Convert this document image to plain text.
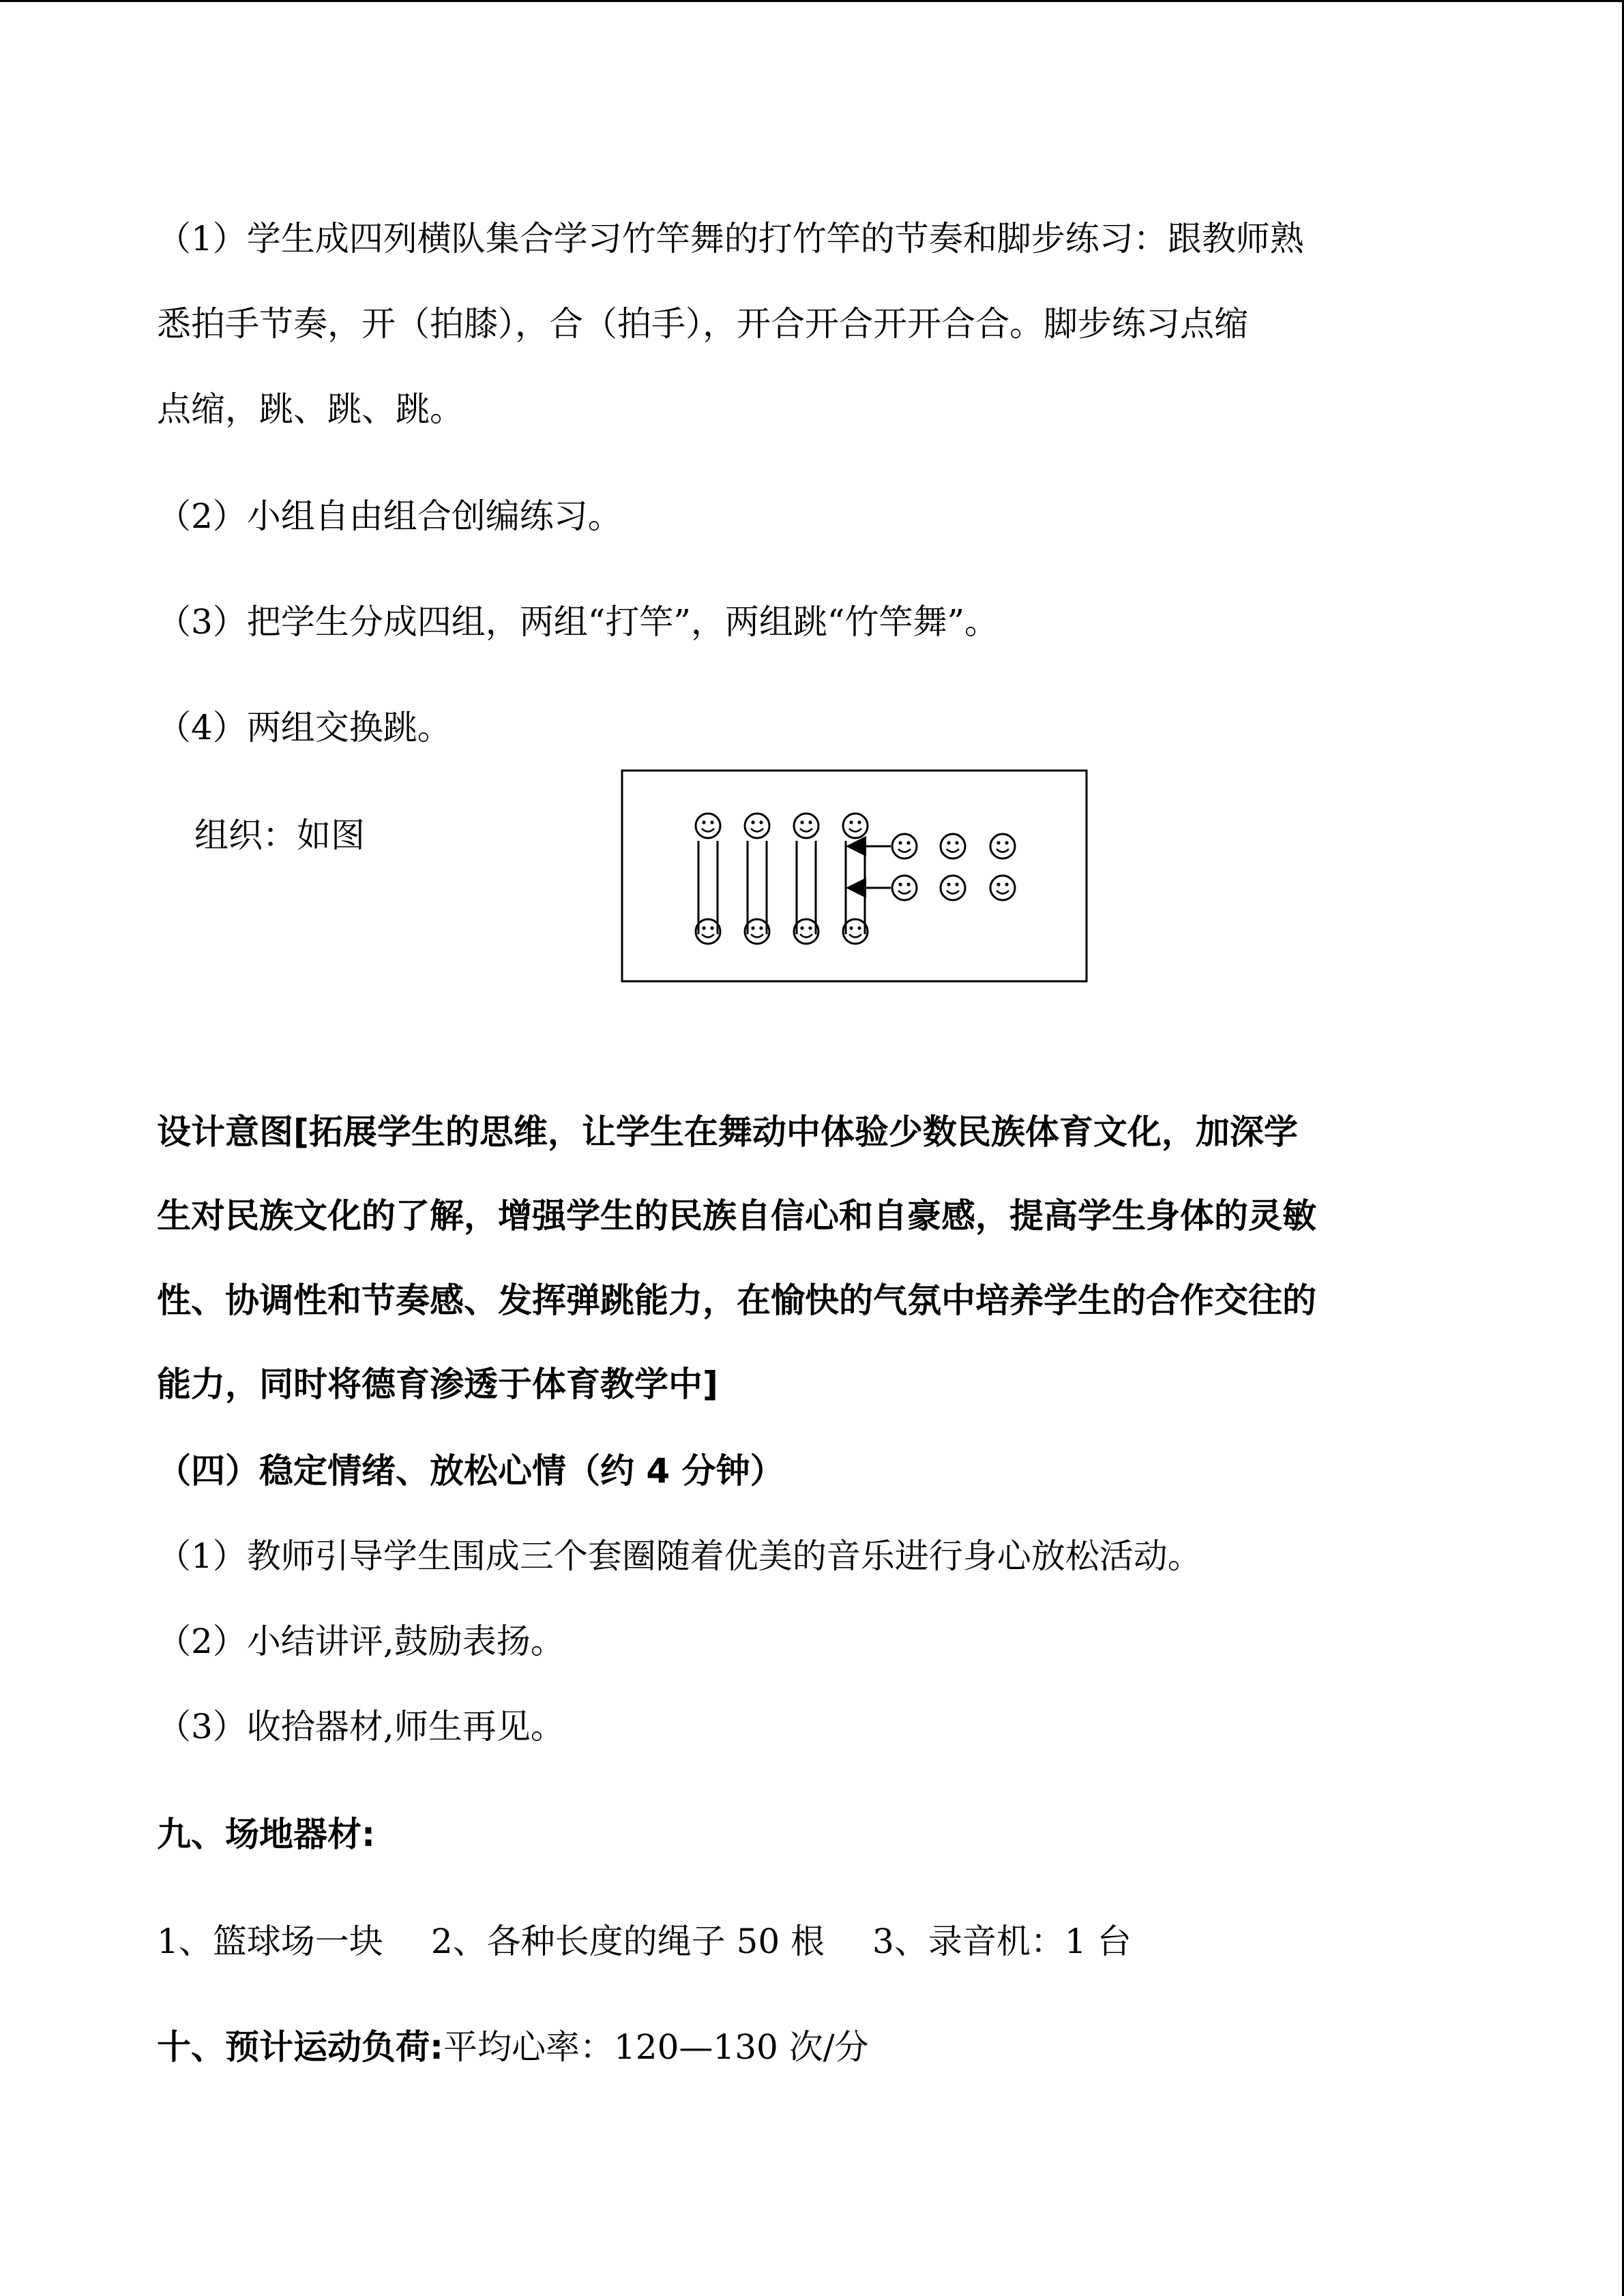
（1）学生成四列横队集合学习竹竿舞的打竹竿的节奏和脚步练习：跟教师熟
悉拍手节奏，开（拍膝），合（拍手），开合开合开开合合。脚步练习点缩
点缩，跳、跳、跳。
（2）小组自由组合创编练习。
（3）把学生分成四组，两组“打竿”，两组跳“竹竿舞”。
（4）两组交换跳。
组织：如图
设计意图[拓展学生的思维，让学生在舞动中体验少数民族体育文化，加深学
生对民族文化的了解，增强学生的民族自信心和自豪感，提高学生身体的灵敏
性、协调性和节奏感、发挥弹跳能力，在愉快的气氛中培养学生的合作交往的
能力，同时将德育渗透于体育教学中]
（四）稳定情绪、放松心情（约 4 分钟）
（1）教师引导学生围成三个套圈随着优美的音乐进行身心放松活动。
（2）小结讲评,鼓励表扬。
（3）收拾器材,师生再见。
九、场地器材:
1、篮球场一块 2、各种长度的绳子 50 根 3、录音机：1 台
十、预计运动负荷:平均心率：120—130 次/分
